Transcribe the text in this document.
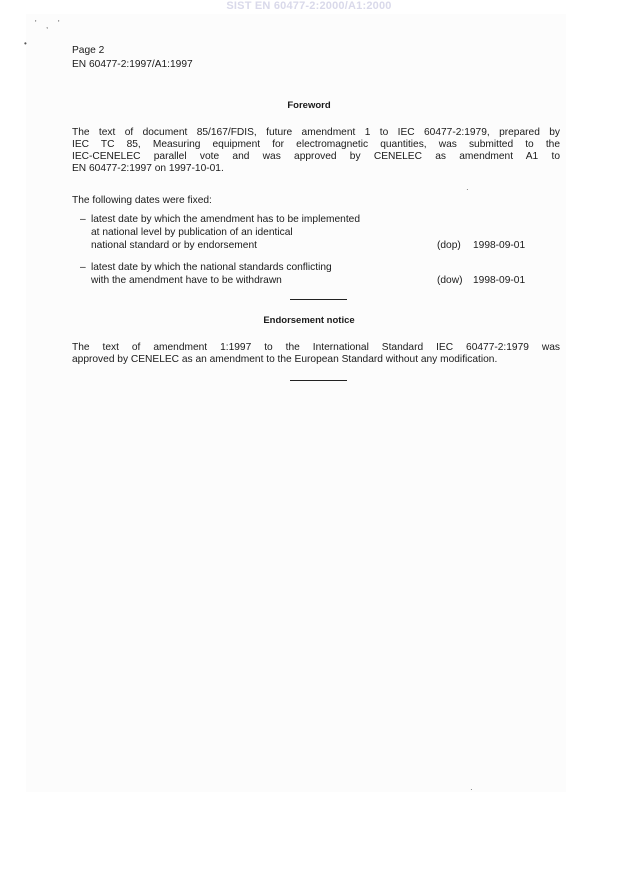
SIST EN 60477-2:2000/A1:2000
' , '
•
Page 2
EN 60477-2:1997/A1:1997
Foreword
The text of document 85/167/FDIS, future amendment 1 to IEC 60477-2:1979, prepared by
IEC TC 85, Measuring equipment for electromagnetic quantities, was submitted to the
IEC-CENELEC parallel vote and was approved by CENELEC as amendment A1 to
EN 60477-2:1997 on 1997-10-01.
The following dates were fixed:
– latest date by which the amendment has to be implemented
at national level by publication of an identical
national standard or by endorsement	(dop) 1998-09-01
– latest date by which the national standards conflicting
with the amendment have to be withdrawn	(dow) 1998-09-01
Endorsement notice
The text of amendment 1:1997 to the International Standard IEC 60477-2:1979 was
approved by CENELEC as an amendment to the European Standard without any modification.
·
·
